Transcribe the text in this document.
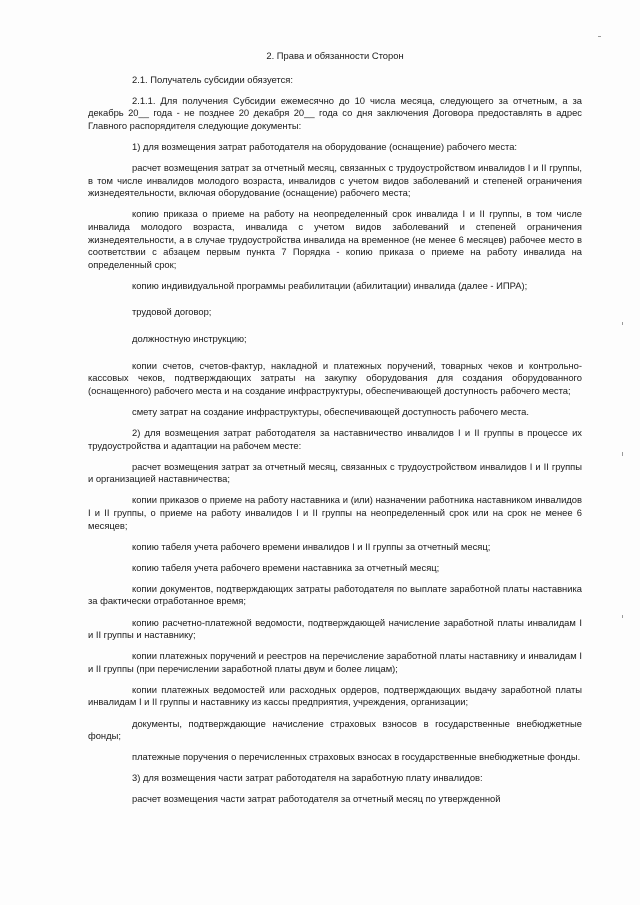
2. Права и обязанности Сторон

2.1. Получатель субсидии обязуется:

2.1.1. Для получения Субсидии ежемесячно до 10 числа месяца, следующего за отчетным, а за декабрь 20__ года - не позднее 20 декабря 20__ года со дня заключения Договора предоставлять в адрес Главного распорядителя следующие документы:

1) для возмещения затрат работодателя на оборудование (оснащение) рабочего места:

расчет возмещения затрат за отчетный месяц, связанных с трудоустройством инвалидов I и II группы, в том числе инвалидов молодого возраста, инвалидов с учетом видов заболеваний и степеней ограничения жизнедеятельности, включая оборудование (оснащение) рабочего места;

копию приказа о приеме на работу на неопределенный срок инвалида I и II группы, в том числе инвалида молодого возраста, инвалида с учетом видов заболеваний и степеней ограничения жизнедеятельности, а в случае трудоустройства инвалида на временное (не менее 6 месяцев) рабочее место в соответствии с абзацем первым пункта 7 Порядка - копию приказа о приеме на работу инвалида на определенный срок;

копию индивидуальной программы реабилитации (абилитации) инвалида (далее - ИПРА);

трудовой договор;

должностную инструкцию;

копии счетов, счетов-фактур, накладной и платежных поручений, товарных чеков и контрольно-кассовых чеков, подтверждающих затраты на закупку оборудования для создания оборудованного (оснащенного) рабочего места и на создание инфраструктуры, обеспечивающей доступность рабочего места;

смету затрат на создание инфраструктуры, обеспечивающей доступность рабочего места.

2) для возмещения затрат работодателя за наставничество инвалидов I и II группы в процессе их трудоустройства и адаптации на рабочем месте:

расчет возмещения затрат за отчетный месяц, связанных с трудоустройством инвалидов I и II группы и организацией наставничества;

копии приказов о приеме на работу наставника и (или) назначении работника наставником инвалидов I и II группы, о приеме на работу инвалидов I и II группы на неопределенный срок или на срок не менее 6 месяцев;

копию табеля учета рабочего времени инвалидов I и II группы за отчетный месяц;

копию табеля учета рабочего времени наставника за отчетный месяц;

копии документов, подтверждающих затраты работодателя по выплате заработной платы наставника за фактически отработанное время;

копию расчетно-платежной ведомости, подтверждающей начисление заработной платы инвалидам I и II группы и наставнику;

копии платежных поручений и реестров на перечисление заработной платы наставнику и инвалидам I и II группы (при перечислении заработной платы двум и более лицам);

копии платежных ведомостей или расходных ордеров, подтверждающих выдачу заработной платы инвалидам I и II группы и наставнику из кассы предприятия, учреждения, организации;

документы, подтверждающие начисление страховых взносов в государственные внебюджетные фонды;

платежные поручения о перечисленных страховых взносах в государственные внебюджетные фонды.

3) для возмещения части затрат работодателя на заработную плату инвалидов:

расчет возмещения части затрат работодателя за отчетный месяц по утвержденной
